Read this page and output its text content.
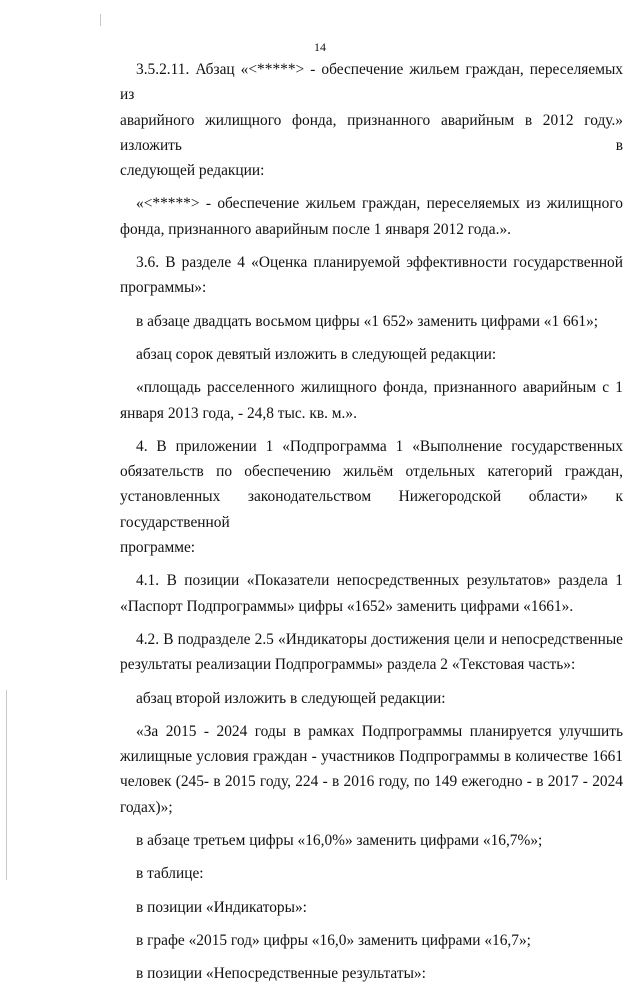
14
3.5.2.11. Абзац «<*****> - обеспечение жильем граждан, переселяемых из
аварийного жилищного фонда, признанного аварийным в 2012 году.» изложить в
следующей редакции:
«<*****> - обеспечение жильем граждан, переселяемых из жилищного
фонда, признанного аварийным после 1 января 2012 года.».
3.6. В разделе 4 «Оценка планируемой эффективности государственной
программы»:
в абзаце двадцать восьмом цифры «1 652» заменить цифрами «1 661»;
абзац сорок девятый изложить в следующей редакции:
«площадь расселенного жилищного фонда, признанного аварийным с 1
января 2013 года, - 24,8 тыс. кв. м.».
4. В приложении 1 «Подпрограмма 1 «Выполнение государственных
обязательств по обеспечению жильём отдельных категорий граждан,
установленных законодательством Нижегородской области» к государственной
программе:
4.1. В позиции «Показатели непосредственных результатов» раздела 1
«Паспорт Подпрограммы» цифры «1652» заменить цифрами «1661».
4.2. В подразделе 2.5 «Индикаторы достижения цели и непосредственные
результаты реализации Подпрограммы» раздела 2 «Текстовая часть»:
абзац второй изложить в следующей редакции:
«За 2015 - 2024 годы в рамках Подпрограммы планируется улучшить
жилищные условия граждан - участников Подпрограммы в количестве 1661
человек (245- в 2015 году, 224 - в 2016 году, по 149 ежегодно - в 2017 - 2024
годах)»;
в абзаце третьем цифры «16,0%» заменить цифрами «16,7%»;
в таблице:
в позиции «Индикаторы»:
в графе «2015 год» цифры «16,0» заменить цифрами «16,7»;
в позиции «Непосредственные результаты»:
